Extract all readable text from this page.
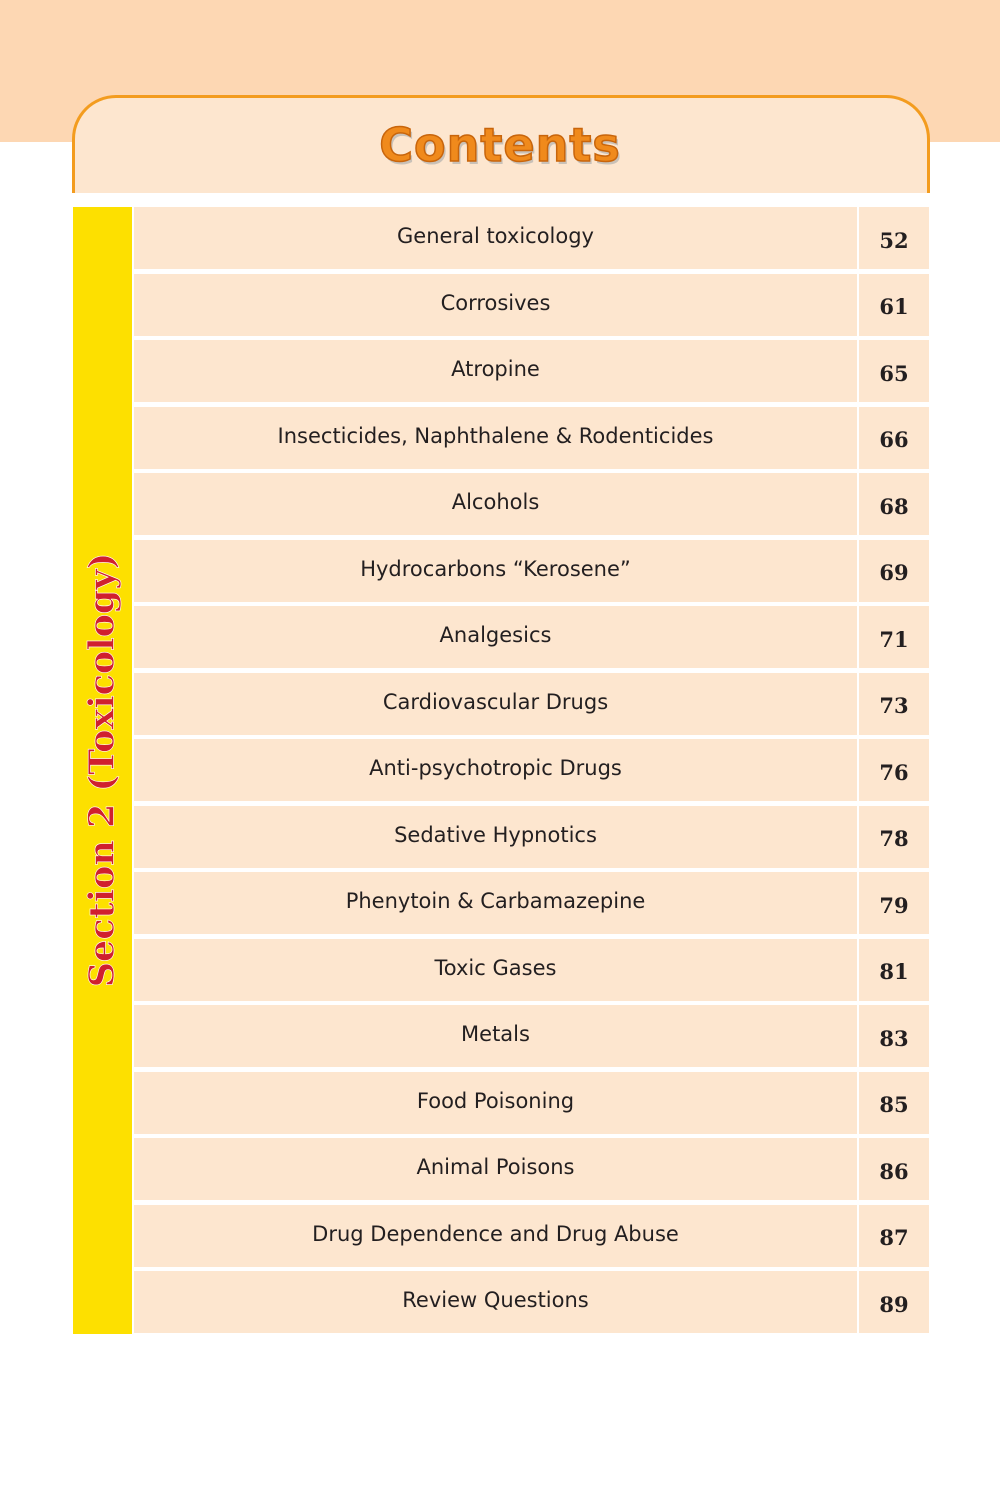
Contents
Section 2 (Toxicology)
General toxicology	52
Corrosives	61
Atropine	65
Insecticides, Naphthalene & Rodenticides	66
Alcohols	68
Hydrocarbons “Kerosene”	69
Analgesics	71
Cardiovascular Drugs	73
Anti-psychotropic Drugs	76
Sedative Hypnotics	78
Phenytoin & Carbamazepine	79
Toxic Gases	81
Metals	83
Food Poisoning	85
Animal Poisons	86
Drug Dependence and Drug Abuse	87
Review Questions	89
